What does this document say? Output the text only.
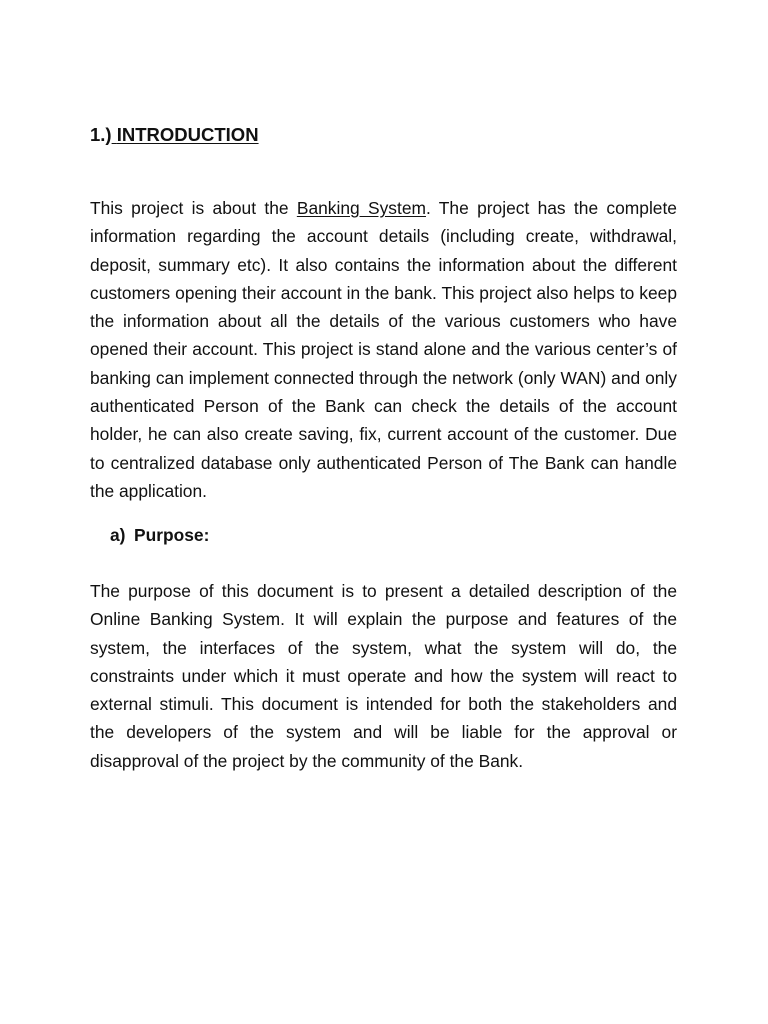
1.) INTRODUCTION

This project is about the Banking System. The project has the complete information regarding the account details (including create, withdrawal, deposit, summary etc). It also contains the information about the different customers opening their account in the bank. This project also helps to keep the information about all the details of the various customers who have opened their account. This project is stand alone and the various center’s of banking can implement connected through the network (only WAN) and only authenticated Person of the Bank can check the details of the account holder, he can also create saving, fix, current account of the customer. Due to centralized database only authenticated Person of The Bank can handle the application.

a) Purpose:

The purpose of this document is to present a detailed description of the Online Banking System. It will explain the purpose and features of the system, the interfaces of the system, what the system will do, the constraints under which it must operate and how the system will react to external stimuli. This document is intended for both the stakeholders and the developers of the system and will be liable for the approval or disapproval of the project by the community of the Bank.
